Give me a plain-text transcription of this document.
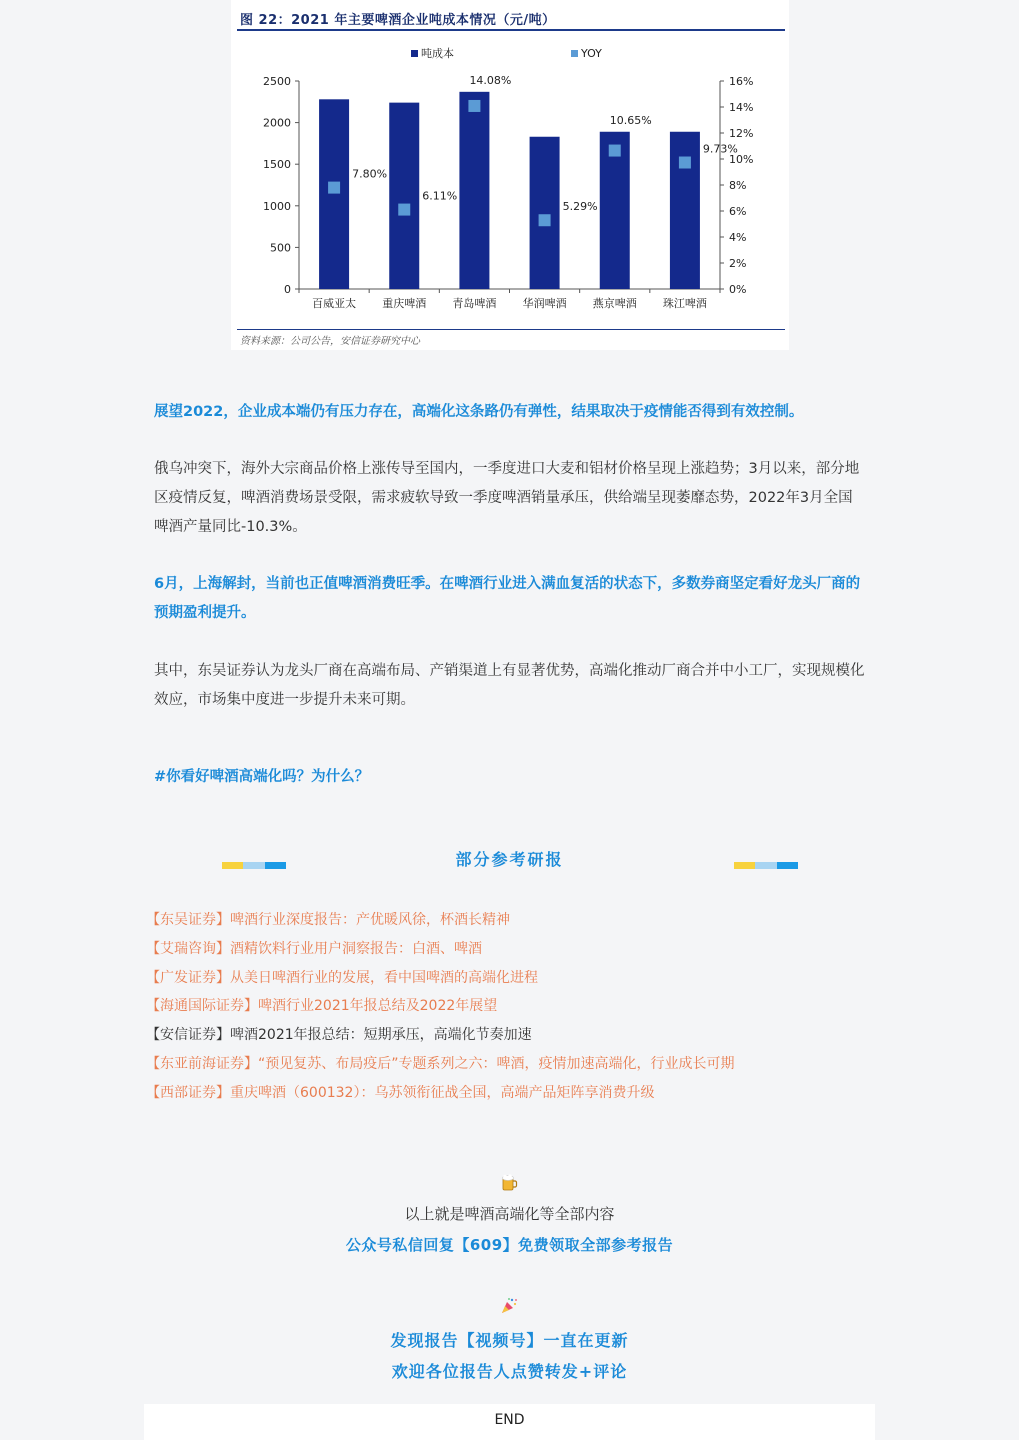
图 22：2021 年主要啤酒企业吨成本情况（元/吨）
0
500
1000
1500
2000
2500
0%
2%
4%
6%
8%
10%
12%
14%
16%
百威亚太
7.80%
重庆啤酒
6.11%
青岛啤酒
14.08%
华润啤酒
5.29%
燕京啤酒
10.65%
珠江啤酒
9.73%
吨成本	YOY
资料来源：公司公告，安信证券研究中心

展望2022，企业成本端仍有压力存在，高端化这条路仍有弹性，结果取决于疫情能否得到有效控制。

俄乌冲突下，海外大宗商品价格上涨传导至国内，一季度进口大麦和铝材价格呈现上涨趋势；3月以来，部分地区疫情反复，啤酒消费场景受限，需求疲软导致一季度啤酒销量承压，供给端呈现萎靡态势，2022年3月全国啤酒产量同比-10.3%。

6月，上海解封，当前也正值啤酒消费旺季。在啤酒行业进入满血复活的状态下，多数券商坚定看好龙头厂商的预期盈利提升。

其中，东吴证券认为龙头厂商在高端布局、产销渠道上有显著优势，高端化推动厂商合并中小工厂，实现规模化效应，市场集中度进一步提升未来可期。

#你看好啤酒高端化吗？为什么？

部分参考研报
【东吴证券】啤酒行业深度报告：产优暖风徐，杯酒长精神
【艾瑞咨询】酒精饮料行业用户洞察报告：白酒、啤酒
【广发证券】从美日啤酒行业的发展，看中国啤酒的高端化进程
【海通国际证券】啤酒行业2021年报总结及2022年展望
【安信证券】啤酒2021年报总结：短期承压，高端化节奏加速
【东亚前海证券】“预见复苏、布局疫后”专题系列之六：啤酒，疫情加速高端化，行业成长可期
【西部证券】重庆啤酒（600132）：乌苏领衔征战全国，高端产品矩阵享消费升级
以上就是啤酒高端化等全部内容
公众号私信回复【609】免费领取全部参考报告
发现报告【视频号】一直在更新
欢迎各位报告人点赞转发+评论
END
